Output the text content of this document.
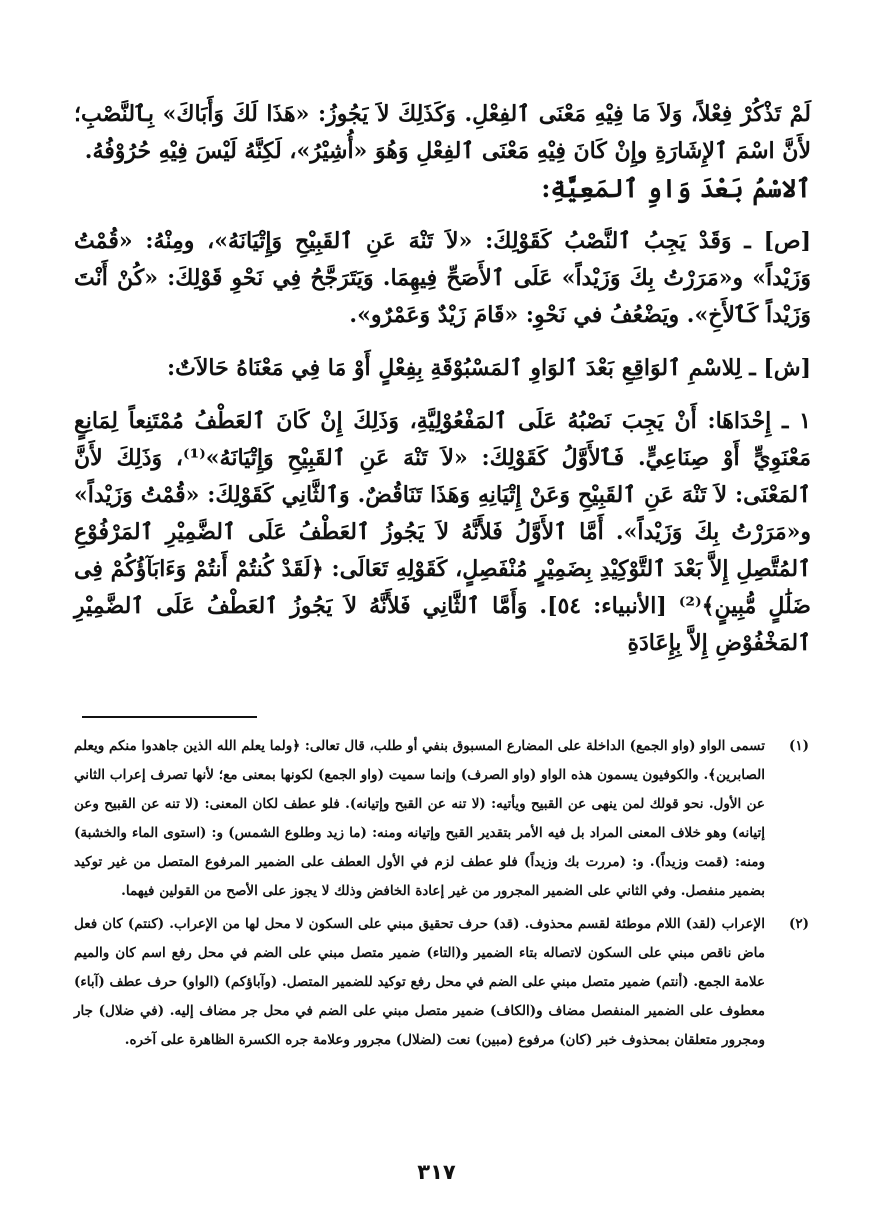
لَمْ تَذْكُرْ فِعْلاً، وَلاَ مَا فِيْهِ مَعْنَى ٱلفِعْلِ. وَكَذَلِكَ لاَ يَجُوزُ: «هَذَا لَكَ وَأَبَاكَ» بِٱلنَّصْبِ؛ لأَنَّ اسْمَ ٱلإِشَارَةِ وإِنْ كَانَ فِيْهِ مَعْنَى ٱلفِعْلِ وَهُوَ «أُشِيْرُ»، لَكِنَّهُ لَيْسَ فِيْهِ حُرُوْفُهُ.

ٱلاسْمُ بَعْدَ وَاوِ ٱلمَعِيَّةِ:

[ص] ـ وَقَدْ يَجِبُ ٱلنَّصْبُ كَقَوْلِكَ: «لاَ تَنْهَ عَنِ ٱلقَبِيْحِ وَإِتْيَانَهُ»، ومِنْهُ: «قُمْتُ وَزَيْداً» و«مَرَرْتُ بِكَ وَزَيْداً» عَلَى ٱلأَصَحِّ فِيهِمَا. وَيَتَرَجَّحُ فِي نَحْوِ قَوْلِكَ: «كُنْ أَنْتَ وَزَيْداً كَٱلأَخِ». ويَضْعُفُ في نَحْوِ: «قَامَ زَيْدٌ وَعَمْرٌو».

[ش] ـ لِلاسْمِ ٱلوَاقِعِ بَعْدَ ٱلوَاوِ ٱلمَسْبُوْقَةِ بِفِعْلٍ أَوْ مَا فِي مَعْنَاهُ حَالاَتٌ:

١ ـ إِحْدَاهَا: أَنْ يَجِبَ نَصْبُهُ عَلَى ٱلمَفْعُوْلِيَّةِ، وَذَلِكَ إِنْ كَانَ ٱلعَطْفُ مُمْتَنِعاً لِمَانِعٍ مَعْنَوِيٍّ أَوْ صِنَاعِيٍّ. فَٱلأَوَّلُ كَقَوْلِكَ: «لاَ تَنْهَ عَنِ ٱلقَبِيْحِ وَإِتْيَانَهُ»⁽¹⁾، وَذَلِكَ لأَنَّ ٱلمَعْنَى: لاَ تَنْهَ عَنِ ٱلقَبِيْحِ وَعَنْ إِتْيَانِهِ وَهَذَا تَنَاقُضٌ. وَٱلثَّانِي كَقَوْلِكَ: «قُمْتُ وَزَيْداً» و«مَرَرْتُ بِكَ وَزَيْداً». أَمَّا ٱلأَوَّلُ فَلأَنَّهُ لاَ يَجُوزُ ٱلعَطْفُ عَلَى ٱلضَّمِيْرِ ٱلمَرْفُوْعِ ٱلمُتَّصِلِ إِلاَّ بَعْدَ ٱلتَّوْكِيْدِ بِضَمِيْرٍ مُنْفَصِلٍ، كَقَوْلِهِ تَعَالَى: ﴿لَقَدْ كُنتُمْ أَنتُمْ وَءَابَآؤُكُمْ فِى ضَلَٰلٍ مُّبِينٍ﴾⁽²⁾ [الأنبياء: ٥٤]. وَأَمَّا ٱلثَّانِي فَلأَنَّهُ لاَ يَجُوزُ ٱلعَطْفُ عَلَى ٱلضَّمِيْرِ ٱلمَخْفُوْضِ إِلاَّ بِإِعَادَةِ

(١)
تسمى الواو (واو الجمع) الداخلة على المضارع المسبوق بنفي أو طلب، قال تعالى: ﴿ولما يعلم الله الذين جاهدوا منكم ويعلم الصابرين﴾. والكوفيون يسمون هذه الواو (واو الصرف) وإنما سميت (واو الجمع) لكونها بمعنى مع؛ لأنها تصرف إعراب الثاني عن الأول. نحو قولك لمن ينهى عن القبيح ويأتيه: (لا تنه عن القبح وإتيانه). فلو عطف لكان المعنى: (لا تنه عن القبيح وعن إتيانه) وهو خلاف المعنى المراد بل فيه الأمر بتقدير القبح وإتيانه ومنه: (ما زيد وطلوع الشمس) و: (استوى الماء والخشبة) ومنه: (قمت وزيداً). و: (مررت بك وزيداً) فلو عطف لزم في الأول العطف على الضمير المرفوع المتصل من غير توكيد بضمير منفصل. وفي الثاني على الضمير المجرور من غير إعادة الخافض وذلك لا يجوز على الأصح من القولين فيهما.
(٢)
الإعراب (لقد) اللام موطئة لقسم محذوف. (قد) حرف تحقيق مبني على السكون لا محل لها من الإعراب. (كنتم) كان فعل ماض ناقص مبني على السكون لاتصاله بتاء الضمير و(التاء) ضمير متصل مبني على الضم في محل رفع اسم كان والميم علامة الجمع. (أنتم) ضمير متصل مبني على الضم في محل رفع توكيد للضمير المتصل. (وآباؤكم) (الواو) حرف عطف (آباء) معطوف على الضمير المنفصل مضاف و(الكاف) ضمير متصل مبني على الضم في محل جر مضاف إليه. (في ضلال) جار ومجرور متعلقان بمحذوف خبر (كان) مرفوع (مبين) نعت (لضلال) مجرور وعلامة جره الكسرة الظاهرة على آخره.
٣١٧
